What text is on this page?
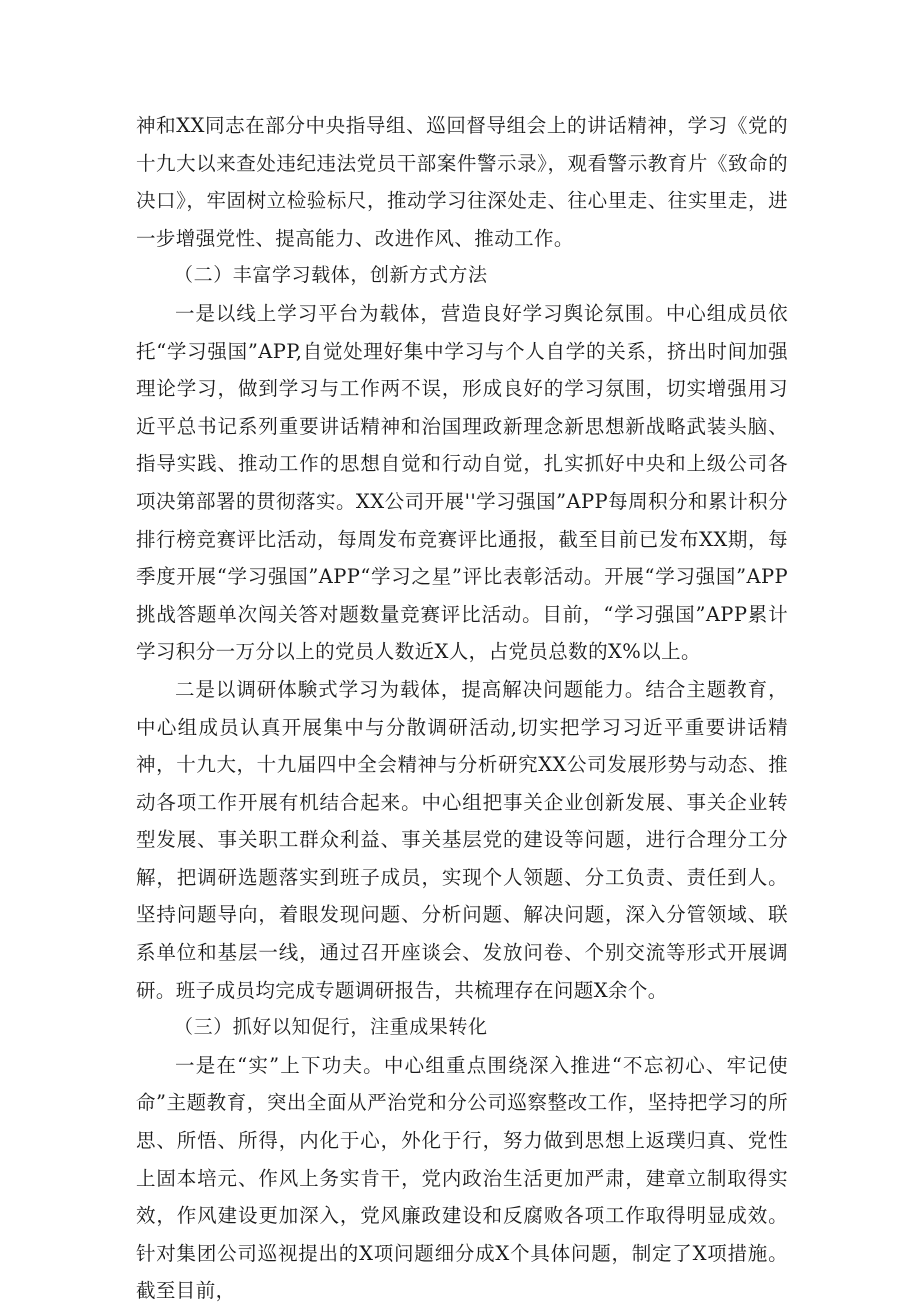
神和XX同志在部分中央指导组、巡回督导组会上的讲话精神，学习《党的十九大以来查处违纪违法党员干部案件警示录》，观看警示教育片《致命的决口》，牢固树立检验标尺，推动学习往深处走、往心里走、往实里走，进一步增强党性、提高能力、改进作风、推动工作。

（二）丰富学习载体，创新方式方法

一是以线上学习平台为载体，营造良好学习舆论氛围。中心组成员依托“学习强国”APP,自觉处理好集中学习与个人自学的关系，挤出时间加强理论学习，做到学习与工作两不误，形成良好的学习氛围，切实增强用习近平总书记系列重要讲话精神和治国理政新理念新思想新战略武装头脑、指导实践、推动工作的思想自觉和行动自觉，扎实抓好中央和上级公司各项决第部署的贯彻落实。XX公司开展''学习强国”APP每周积分和累计积分排行榜竞赛评比活动，每周发布竞赛评比通报，截至目前已发布XX期，每季度开展“学习强国”APP“学习之星”评比表彰活动。开展“学习强国”APP挑战答题单次闯关答对题数量竞赛评比活动。目前，“学习强国”APP累计学习积分一万分以上的党员人数近X人，占党员总数的X%以上。

二是以调研体験式学习为载体，提高解决问题能力。结合主题教育，中心组成员认真开展集中与分散调研活动,切实把学习习近平重要讲话精神，十九大，十九届四中全会精神与分析研究XX公司发展形势与动态、推动各项工作开展有机结合起来。中心组把事关企业创新发展、事关企业转型发展、事关职工群众利益、事关基层党的建设等问题，进行合理分工分解，把调研选题落实到班子成员，实现个人领题、分工负责、责任到人。坚持问题导向，着眼发现问题、分析问题、解决问题，深入分管领域、联系单位和基层一线，通过召开座谈会、发放问卷、个别交流等形式开展调研。班子成员均完成专题调研报告，共梳理存在问题X余个。

（三）抓好以知促行，注重成果转化

一是在“实”上下功夫。中心组重点围绕深入推进“不忘初心、牢记使命”主题教育，突出全面从严治党和分公司巡察整改工作，坚持把学习的所思、所悟、所得，内化于心，外化于行，努力做到思想上返璞归真、党性上固本培元、作风上务实肯干，党内政治生活更加严肃，建章立制取得实效，作风建设更加深入，党风廉政建设和反腐败各项工作取得明显成效。针对集团公司巡视提出的X项问题细分成X个具体问题，制定了X项措施。截至目前，
